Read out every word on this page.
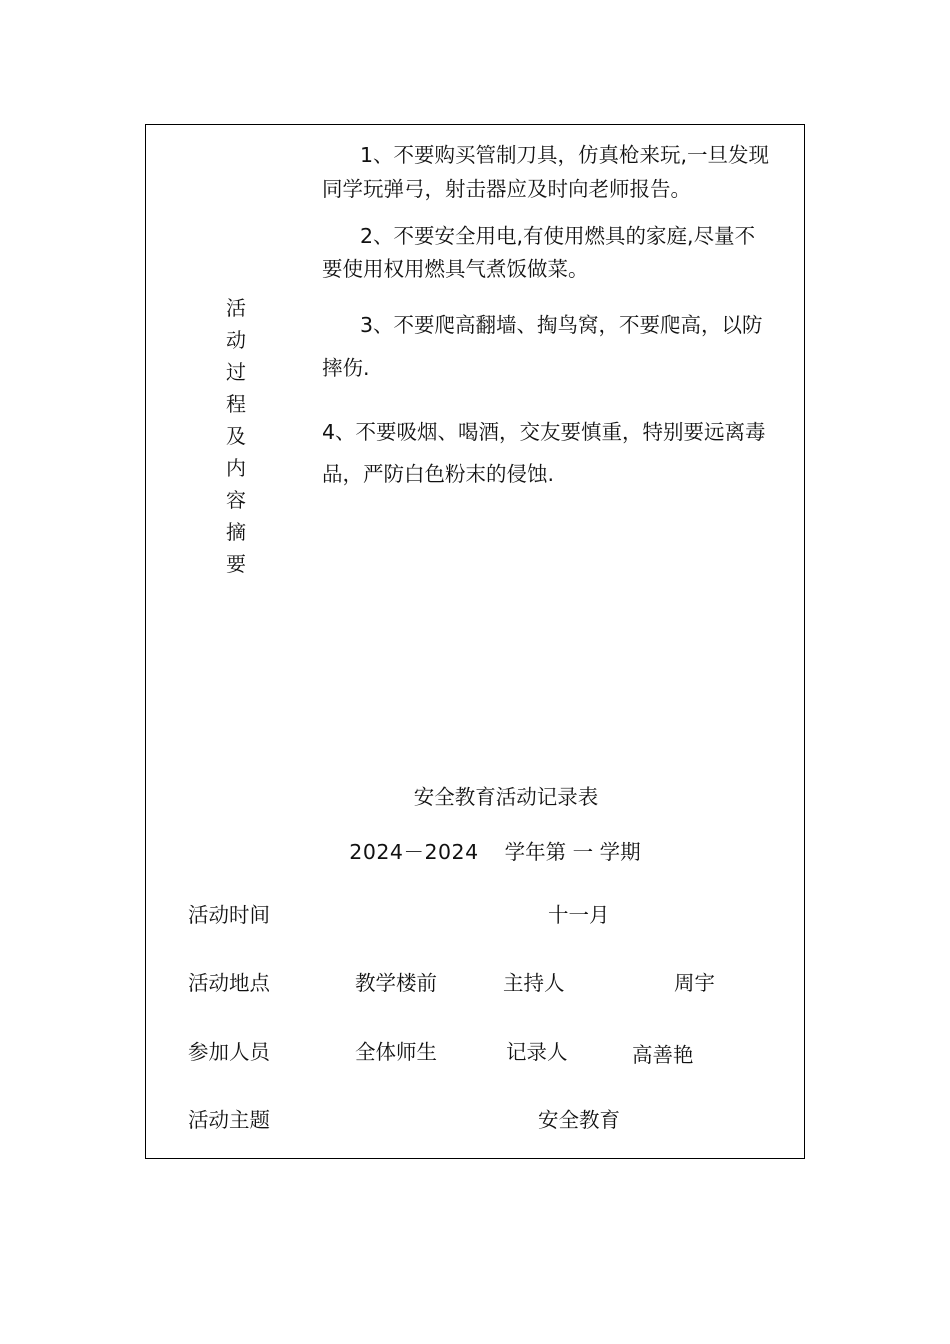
活
动
过
程
及
内
容
摘
要
1、不要购买管制刀具，仿真枪来玩,一旦发现
同学玩弹弓，射击器应及时向老师报告。
2、不要安全用电,有使用燃具的家庭,尽量不
要使用权用燃具气煮饭做菜。
3、不要爬高翻墙、掏鸟窝，不要爬高，以防
摔伤.
4、不要吸烟、喝酒，交友要慎重，特别要远离毒
品，严防白色粉末的侵蚀.
安全教育活动记录表
2024－2024 学年第 一 学期
活动时间	十一月
活动地点	教学楼前	主持人	周宇
参加人员	全体师生	记录人	高善艳
活动主题	安全教育
